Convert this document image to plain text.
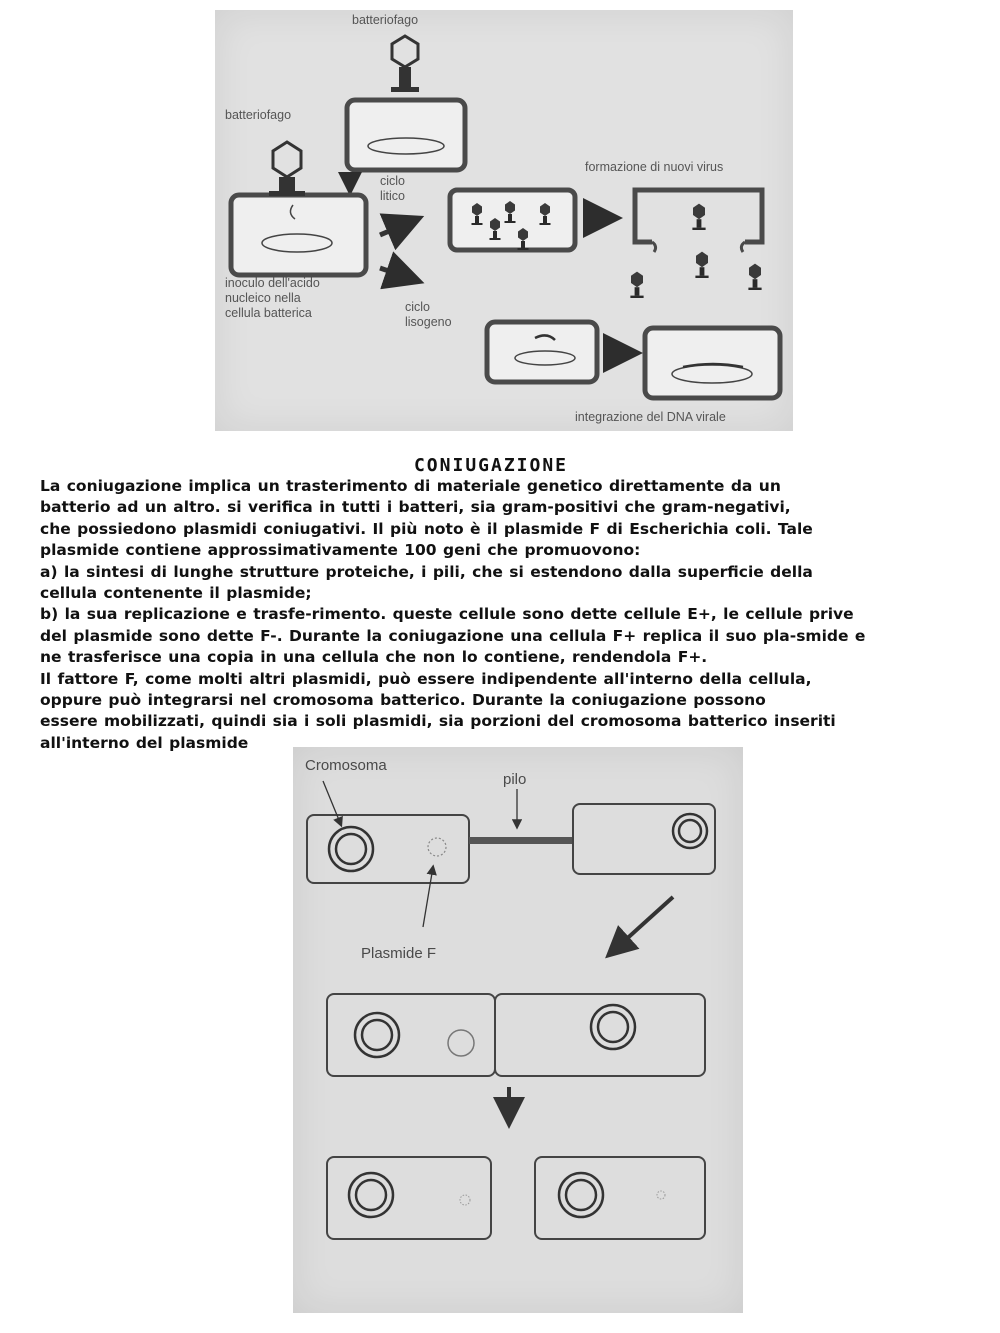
batteriofago
batteriofago
ciclo
litico
formazione di nuovi virus
inoculo dell'acido
nucleico nella
cellula batterica	ciclo
lisogeno
integrazione del DNA virale
CONIUGAZIONE

La coniugazione implica un trasterimento di materiale genetico direttamente da un

batterio ad un altro. si verifica in tutti i batteri, sia gram-positivi che gram-negativi,

che possiedono plasmidi coniugativi. Il più noto è il plasmide F di Escherichia coli. Tale

plasmide contiene approssimativamente 100 geni che promuovono:

a) la sintesi di lunghe strutture proteiche, i pili, che si estendono dalla superficie della

cellula contenente il plasmide;

b) la sua replicazione e trasfe-rimento. queste cellule sono dette cellule E+, le cellule prive

del plasmide sono dette F-. Durante la coniugazione una cellula F+ replica il suo pla-smide e

ne trasferisce una copia in una cellula che non lo contiene, rendendola F+.

Il fattore F, come molti altri plasmidi, può essere indipendente all'interno della cellula,

oppure può integrarsi nel cromosoma batterico. Durante la coniugazione possono

essere mobilizzati, quindi sia i soli plasmidi, sia porzioni del cromosoma batterico inseriti

all'interno del plasmide

Cromosoma
pilo
Plasmide F
